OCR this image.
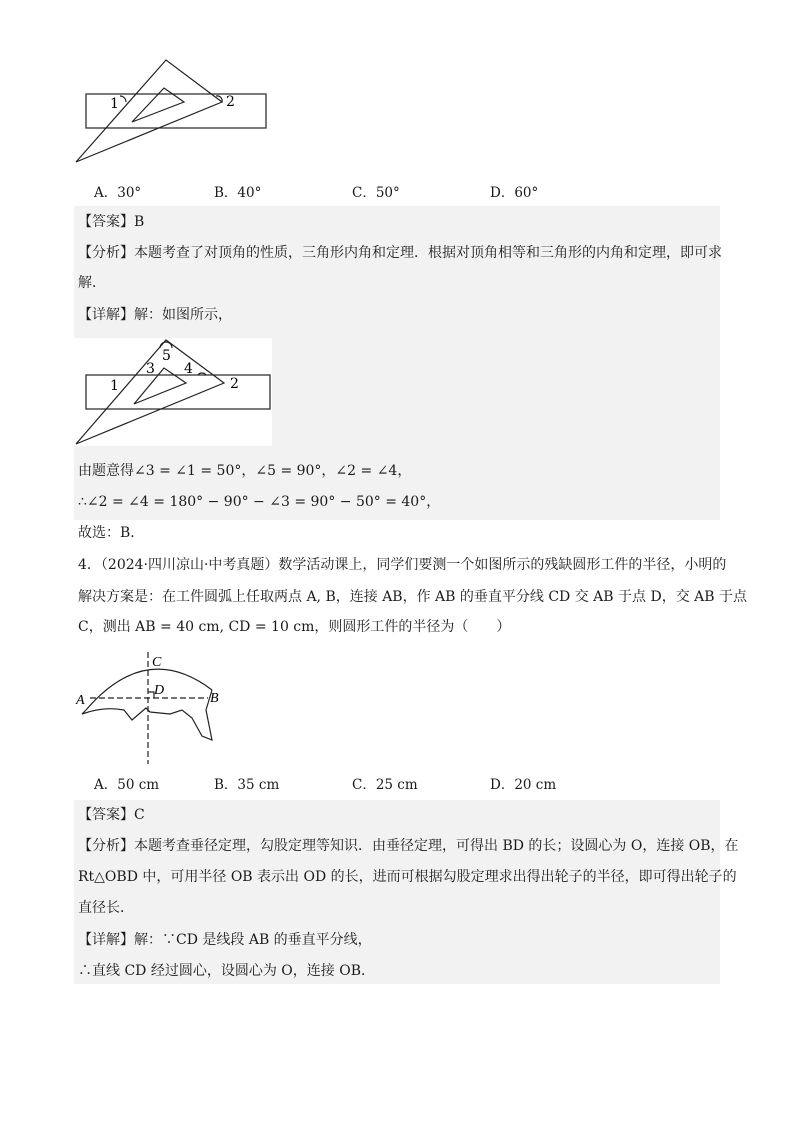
1	2
A．30°	B．40°	C．50°	D．60°
【答案】B
【分析】本题考查了对顶角的性质，三角形内角和定理．根据对顶角相等和三角形的内角和定理，即可求
解．
【详解】解：如图所示，
1	2
3 4
5
由题意得∠3 = ∠1 = 50°，∠5 = 90°，∠2 = ∠4，
∴∠2 = ∠4 = 180° − 90° − ∠3 = 90° − 50° = 40°，
故选：B．
4．（2024·四川凉山·中考真题）数学活动课上，同学们要测一个如图所示的残缺圆形工件的半径，小明的
解决方案是：在工件圆弧上任取两点 A, B，连接 AB，作 AB 的垂直平分线 CD 交 AB 于点 D，交 AB 于点
C，测出 AB = 40 cm, CD = 10 cm，则圆形工件的半径为（　　）
A	B
C
D
A．50 cm	B．35 cm	C．25 cm	D．20 cm
【答案】C
【分析】本题考查垂径定理，勾股定理等知识．由垂径定理，可得出 BD 的长；设圆心为 O，连接 OB，在
Rt△OBD 中，可用半径 OB 表示出 OD 的长，进而可根据勾股定理求出得出轮子的半径，即可得出轮子的
直径长．
【详解】解：∵CD 是线段 AB 的垂直平分线，
∴直线 CD 经过圆心，设圆心为 O，连接 OB．
